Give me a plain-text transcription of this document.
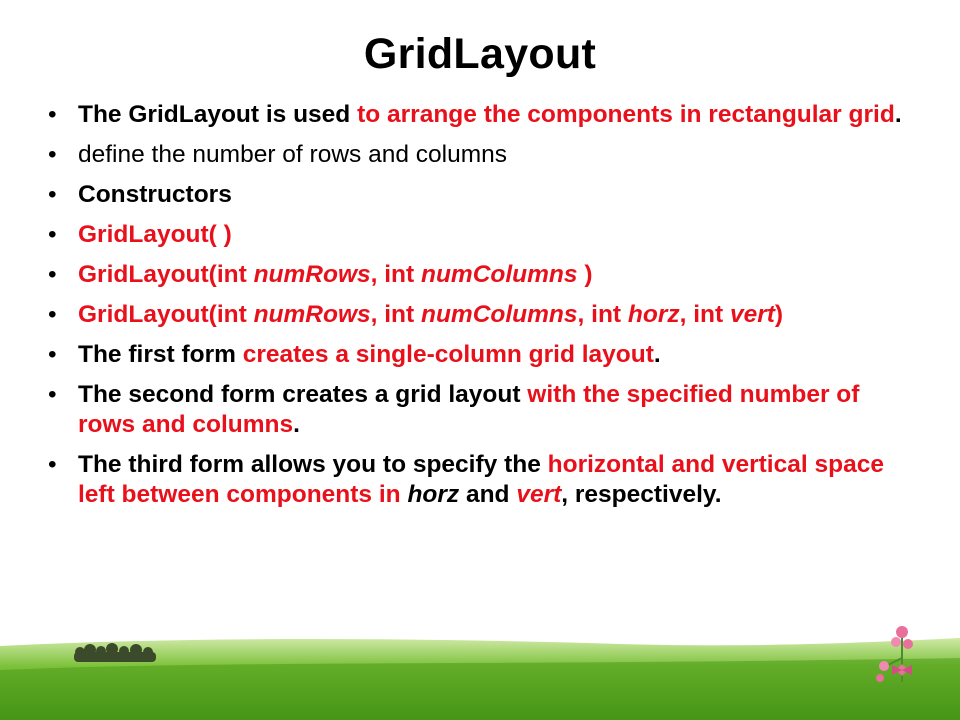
GridLayout
• The GridLayout is used to arrange the components in rectangular grid.
• define the number of rows and columns
• Constructors
• GridLayout( )
• GridLayout(int numRows, int numColumns )
• GridLayout(int numRows, int numColumns, int horz, int vert)
• The first form creates a single-column grid layout.
• The second form creates a grid layout with the specified number of rows and columns.
• The third form allows you to specify the horizontal and vertical space left between components in horz and vert, respectively.
